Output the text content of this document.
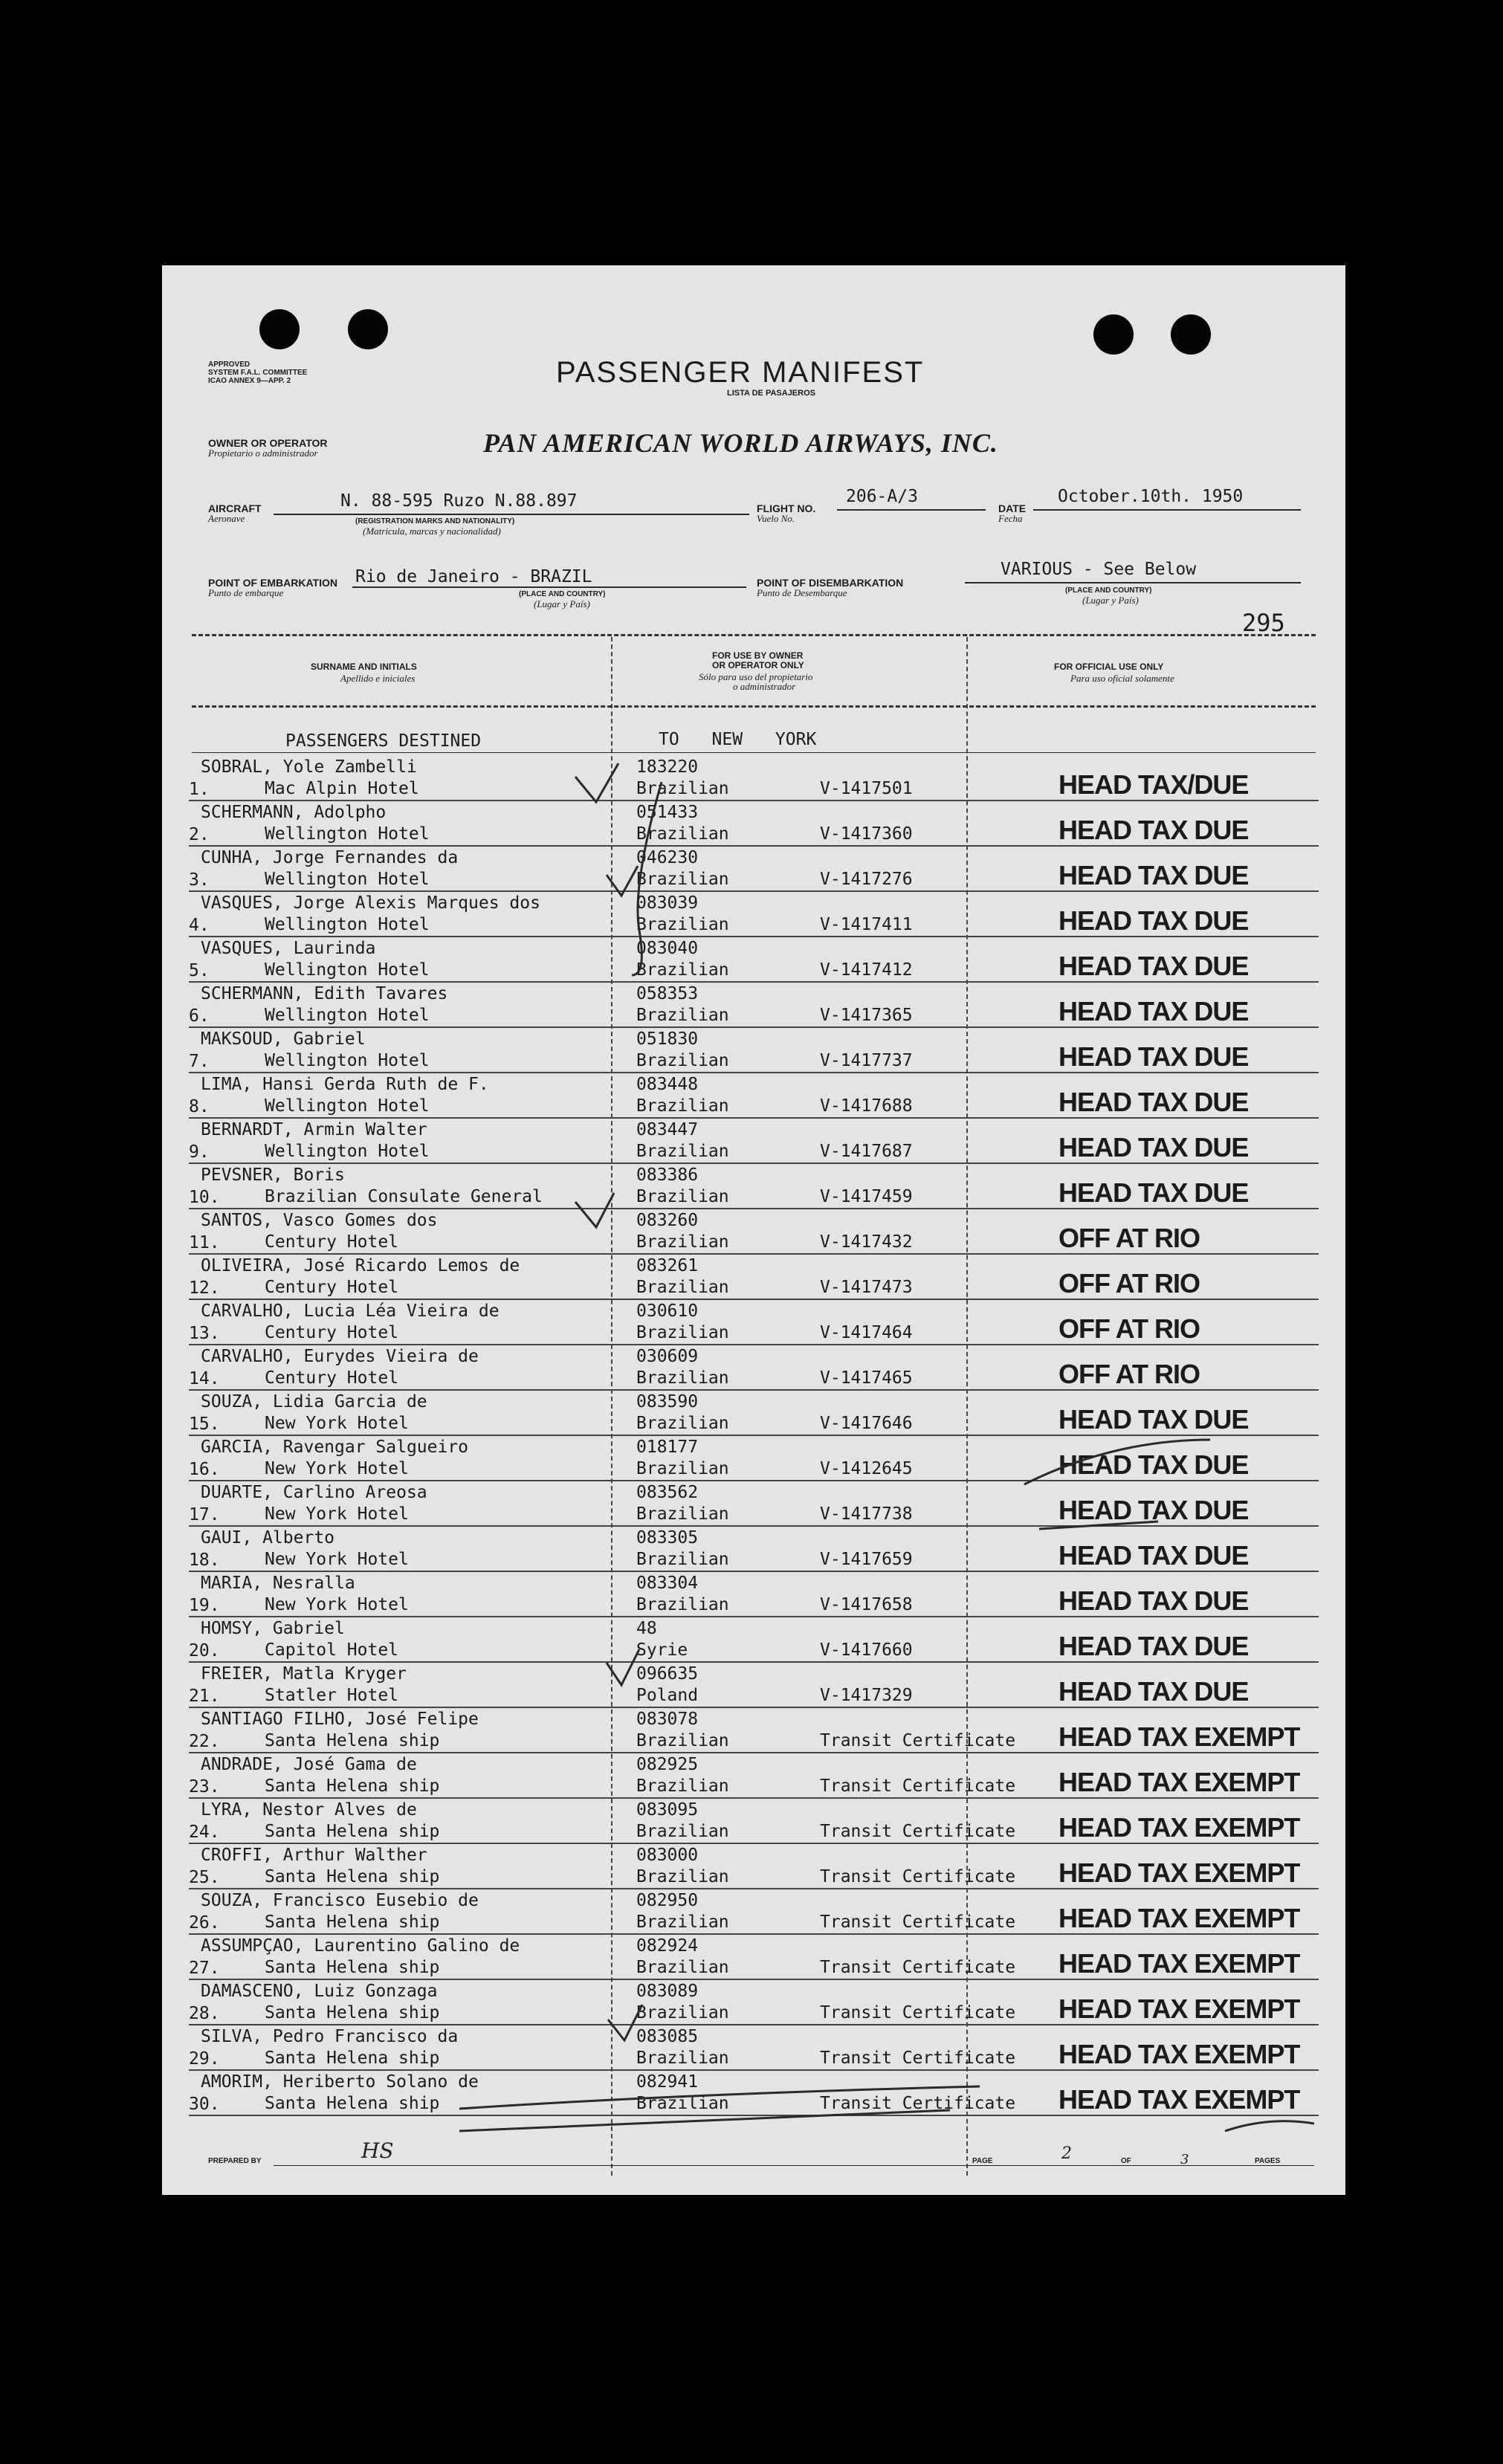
APPROVED
SYSTEM F.A.L. COMMITTEE
ICAO ANNEX 9—APP. 2	PASSENGER MANIFEST
LISTA DE PASAJEROS
OWNER OR OPERATOR
Propietario o administrador	PAN AMERICAN WORLD AIRWAYS, INC.
AIRCRAFT
Aeronave
N. 88-595 Ruzo N.88.897
(REGISTRATION MARKS AND NATIONALITY)
(Matricula, marcas y nacionalidad)
FLIGHT NO.
Vuelo No.
206-A/3
DATE
Fecha
October.10th. 1950
POINT OF EMBARKATION
Punto de embarque
Rio de Janeiro - BRAZIL
(PLACE AND COUNTRY)
(Lugar y País)
POINT OF DISEMBARKATION
Punto de Desembarque
VARIOUS - See Below
(PLACE AND COUNTRY)
(Lugar y País)
295
SURNAME AND INITIALS
Apellido e iniciales
FOR USE BY OWNER
OR OPERATOR ONLY
Sólo para uso del propietario
o administrador
FOR OFFICIAL USE ONLY
Para uso oficial solamente
PASSENGERS DESTINED	TO NEW YORK
1.
SOBRAL, Yole Zambelli
Mac Alpin Hotel
183220
Brazilian	V-1417501	HEAD TAX/DUE
2.
SCHERMANN, Adolpho
Wellington Hotel
051433
Brazilian	V-1417360	HEAD TAX DUE
3.
CUNHA, Jorge Fernandes da
Wellington Hotel
046230
Brazilian	V-1417276	HEAD TAX DUE
4.
VASQUES, Jorge Alexis Marques dos
Wellington Hotel
083039
Brazilian	V-1417411	HEAD TAX DUE
5.
VASQUES, Laurinda
Wellington Hotel
083040
Brazilian	V-1417412	HEAD TAX DUE
6.
SCHERMANN, Edith Tavares
Wellington Hotel
058353
Brazilian	V-1417365	HEAD TAX DUE
7.
MAKSOUD, Gabriel
Wellington Hotel
051830
Brazilian	V-1417737	HEAD TAX DUE
8.
LIMA, Hansi Gerda Ruth de F.
Wellington Hotel
083448
Brazilian	V-1417688	HEAD TAX DUE
9.
BERNARDT, Armin Walter
Wellington Hotel
083447
Brazilian	V-1417687	HEAD TAX DUE
10.
PEVSNER, Boris
Brazilian Consulate General
083386
Brazilian	V-1417459	HEAD TAX DUE
11.
SANTOS, Vasco Gomes dos
Century Hotel
083260
Brazilian	V-1417432	OFF AT RIO
12.
OLIVEIRA, José Ricardo Lemos de
Century Hotel
083261
Brazilian	V-1417473	OFF AT RIO
13.
CARVALHO, Lucia Léa Vieira de
Century Hotel
030610
Brazilian	V-1417464	OFF AT RIO
14.
CARVALHO, Eurydes Vieira de
Century Hotel
030609
Brazilian	V-1417465	OFF AT RIO
15.
SOUZA, Lidia Garcia de
New York Hotel
083590
Brazilian	V-1417646	HEAD TAX DUE
16.
GARCIA, Ravengar Salgueiro
New York Hotel
018177
Brazilian	V-1412645	HEAD TAX DUE
17.
DUARTE, Carlino Areosa
New York Hotel
083562
Brazilian	V-1417738	HEAD TAX DUE
18.
GAUI, Alberto
New York Hotel
083305
Brazilian	V-1417659	HEAD TAX DUE
19.
MARIA, Nesralla
New York Hotel
083304
Brazilian	V-1417658	HEAD TAX DUE
20.
HOMSY, Gabriel
Capitol Hotel
48
Syrie	V-1417660	HEAD TAX DUE
21.
FREIER, Matla Kryger
Statler Hotel
096635
Poland	V-1417329	HEAD TAX DUE
22.
SANTIAGO FILHO, José Felipe
Santa Helena ship
083078
Brazilian	Transit Certificate HEAD TAX EXEMPT
23.
ANDRADE, José Gama de
Santa Helena ship
082925
Brazilian	Transit Certificate HEAD TAX EXEMPT
24.
LYRA, Nestor Alves de
Santa Helena ship
083095
Brazilian	Transit Certificate HEAD TAX EXEMPT
25.
CROFFI, Arthur Walther
Santa Helena ship
083000
Brazilian	Transit Certificate HEAD TAX EXEMPT
26.
SOUZA, Francisco Eusebio de
Santa Helena ship
082950
Brazilian	Transit Certificate HEAD TAX EXEMPT
27.
ASSUMPÇAO, Laurentino Galino de
Santa Helena ship
082924
Brazilian	Transit Certificate HEAD TAX EXEMPT
28.
DAMASCENO, Luiz Gonzaga
Santa Helena ship
083089
Brazilian	Transit Certificate HEAD TAX EXEMPT
29.
SILVA, Pedro Francisco da
Santa Helena ship
083085
Brazilian	Transit Certificate HEAD TAX EXEMPT
30.
AMORIM, Heriberto Solano de
Santa Helena ship
082941
Brazilian	Transit Certificate HEAD TAX EXEMPT
PREPARED BY	HS	PAGE	2	OF	3	PAGES
